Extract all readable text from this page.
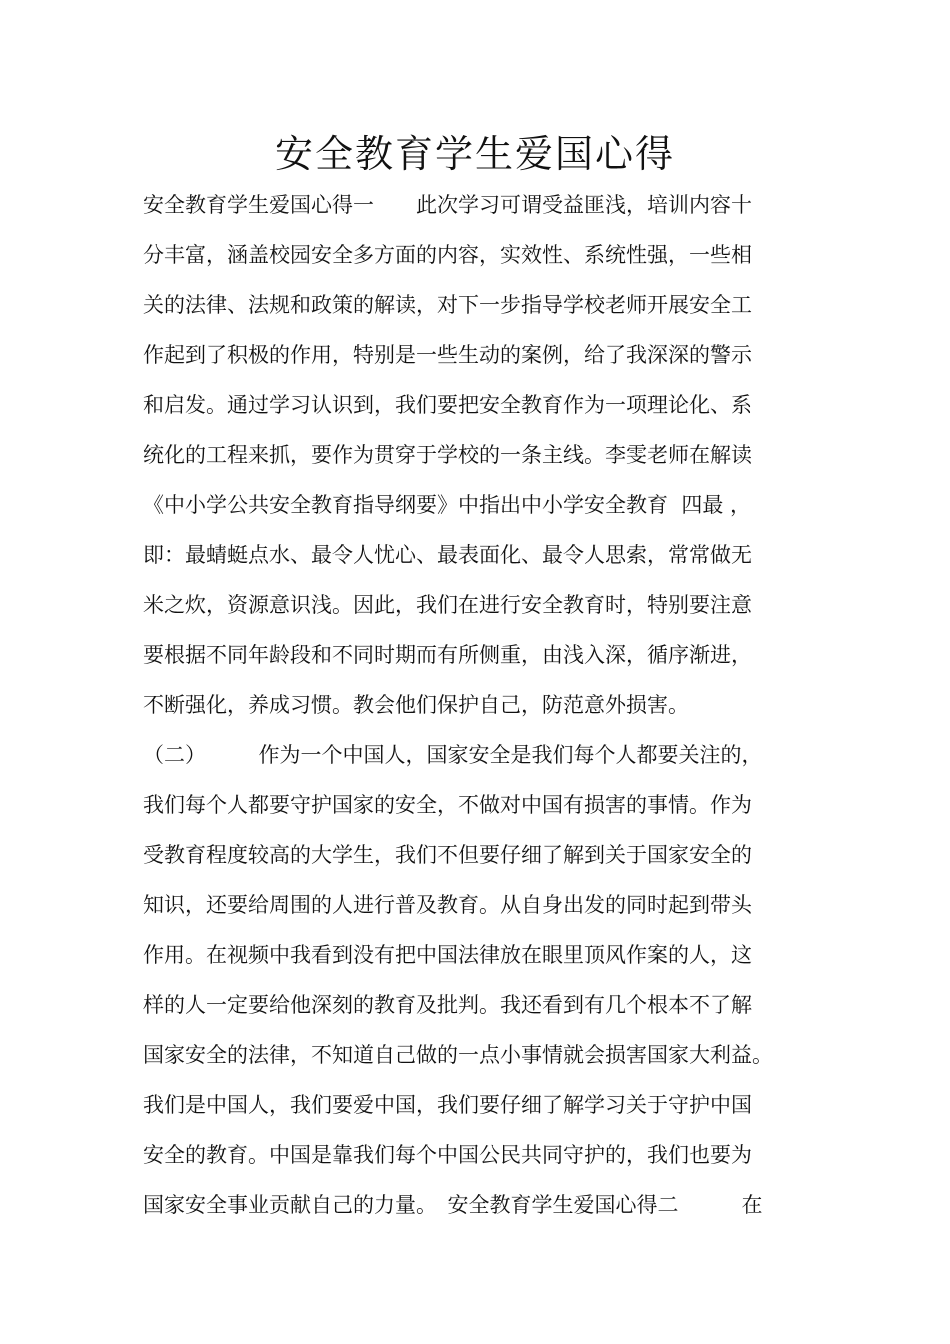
安全教育学生爱国心得
安全教育学生爱国心得一　　此次学习可谓受益匪浅，培训内容十
分丰富，涵盖校园安全多方面的内容，实效性、系统性强，一些相
关的法律、法规和政策的解读，对下一步指导学校老师开展安全工
作起到了积极的作用，特别是一些生动的案例，给了我深深的警示
和启发。通过学习认识到，我们要把安全教育作为一项理论化、系
统化的工程来抓，要作为贯穿于学校的一条主线。李雯老师在解读
《中小学公共安全教育指导纲要》中指出中小学安全教育  四最 ，
即：最蜻蜓点水、最令人忧心、最表面化、最令人思索，常常做无
米之炊，资源意识浅。因此，我们在进行安全教育时，特别要注意
要根据不同年龄段和不同时期而有所侧重，由浅入深，循序渐进，
不断强化，养成习惯。教会他们保护自己，防范意外损害。
（二）　　　作为一个中国人，国家安全是我们每个人都要关注的，
我们每个人都要守护国家的安全，不做对中国有损害的事情。作为
受教育程度较高的大学生，我们不但要仔细了解到关于国家安全的
知识，还要给周围的人进行普及教育。从自身出发的同时起到带头
作用。在视频中我看到没有把中国法律放在眼里顶风作案的人，这
样的人一定要给他深刻的教育及批判。我还看到有几个根本不了解
国家安全的法律，不知道自己做的一点小事情就会损害国家大利益。
我们是中国人，我们要爱中国，我们要仔细了解学习关于守护中国
安全的教育。中国是靠我们每个中国公民共同守护的，我们也要为
国家安全事业贡献自己的力量。　安全教育学生爱国心得二　　　在
